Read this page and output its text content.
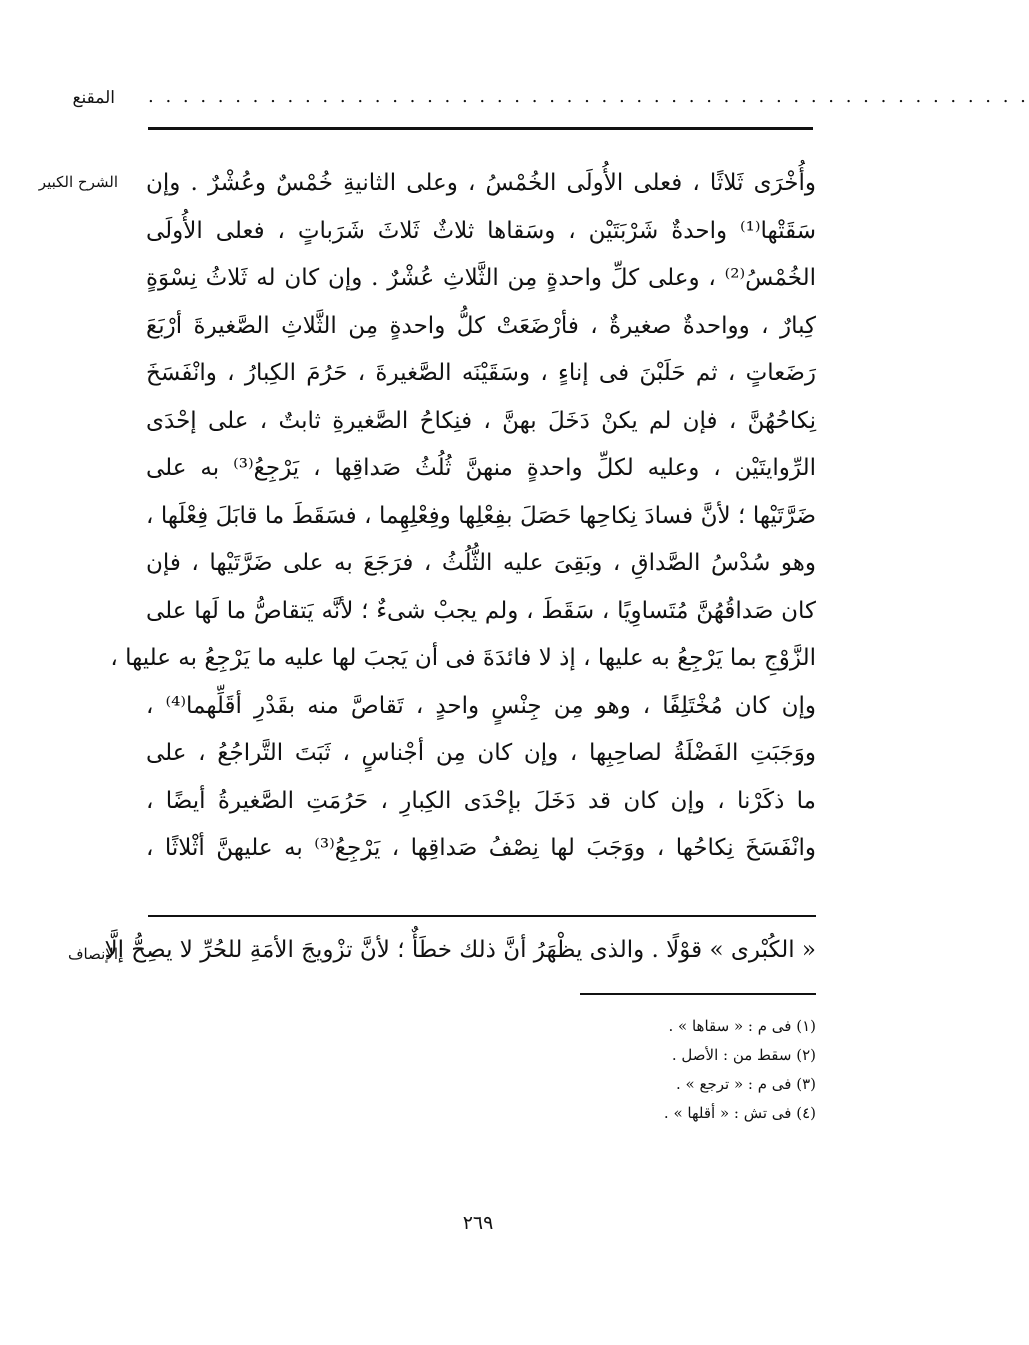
المقنع . . . . . . . . . . . . . . . . . . . . . . . . . . . . . . . . . . . . . . . . . . . . . . . . . . .
الشرح الكبير وأُخْرَى ثَلاثًا ، فعلى الأُولَى الخُمْسُ ، وعلى الثانيةِ خُمْسٌ وعُشْرٌ . وإن
سَقَتْها⁽¹⁾ واحدةٌ شَرْبَتَيْن ، وسَقاها ثلاثٌ ثَلاثَ شَرَباتٍ ، فعلى الأُولَى
الخُمْسُ⁽²⁾ ، وعلى كلِّ واحدةٍ مِن الثَّلاثِ عُشْرٌ . وإن كان له ثَلاثُ نِسْوَةٍ
كِبارٌ ، وواحدةٌ صغيرةٌ ، فأرْضَعَتْ كلُّ واحدةٍ مِن الثَّلاثِ الصَّغيرةَ أرْبَعَ
رَضَعاتٍ ، ثم حَلَبْنَ فى إناءٍ ، وسَقَيْنَه الصَّغيرةَ ، حَرُمَ الكِبارُ ، وانْفَسَخَ
نِكاحُهُنَّ ، فإن لم يكنْ دَخَلَ بهنَّ ، فنِكاحُ الصَّغيرةِ ثابتٌ ، على إحْدَى
الرِّوايتَيْن ، وعليه لكلِّ واحدةٍ منهنَّ ثُلُثُ صَداقِها ، يَرْجِعُ⁽³⁾ به على
ضَرَّتَيْها ؛ لأنَّ فسادَ نِكاحِها حَصَلَ بفِعْلِها وفِعْلِهِما ، فسَقَطَ ما قابَلَ فِعْلَها ،
وهو سُدْسُ الصَّداقِ ، وبَقِىَ عليه الثُّلُثُ ، فرَجَعَ به على ضَرَّتَيْها ، فإن
كان صَداقُهُنَّ مُتَساوِيًا ، سَقَطَ ، ولم يجبْ شىءٌ ؛ لأنَّه يَتقاصُّ ما لَها على
الزَّوْجِ بما يَرْجِعُ به عليها ، إذ لا فائدَةَ فى أن يَجبَ لها عليه ما يَرْجِعُ به عليها ،
وإن كان مُخْتَلِفًا ، وهو مِن جِنْسٍ واحدٍ ، تَقاصَّ منه بقَدْرِ أقَلِّهما⁽⁴⁾ ،
ووَجَبَتِ الفَضْلَةُ لصاحِبِها ، وإن كان مِن أجْناسٍ ، ثَبَتَ التَّراجُعُ ، على
ما ذكَرْنا ، وإن كان قد دَخَلَ بإحْدَى الكِبارِ ، حَرُمَتِ الصَّغيرةُ أيضًا ،
وانْفَسَخَ نِكاحُها ، ووَجَبَ لها نِصْفُ صَداقِها ، يَرْجِعُ⁽³⁾ به عليهنَّ أثْلاثًا ،
الإنصاف

« الكُبْرى » قوْلًا . والذى يظْهَرُ أنَّ ذلك خطَأٌ ؛ لأنَّ تزْويجَ الأمَةِ للحُرِّ لا يصِحُّ إلَّا

(١) فى م : « سقاها » .
(٢) سقط من : الأصل .
(٣) فى م : « ترجع » .
(٤) فى تش : « أقلها » .
٢٦٩
